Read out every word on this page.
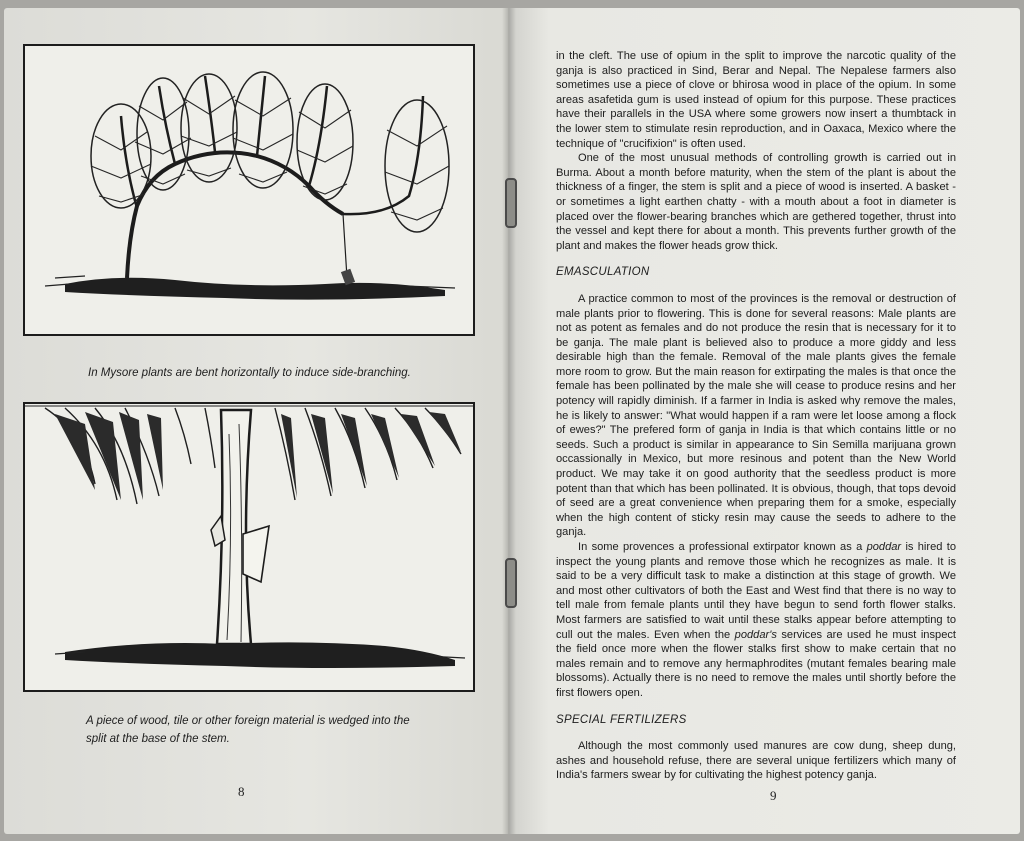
In Mysore plants are bent horizontally to induce side-branching.

A piece of wood, tile or other foreign material is wedged into the split at the base of the stem.

8

in the cleft. The use of opium in the split to improve the narcotic quality of the ganja is also practiced in Sind, Berar and Nepal. The Nepalese farmers also sometimes use a piece of clove or bhirosa wood in place of the opium. In some areas asafetida gum is used instead of opium for this purpose. These practices have their parallels in the USA where some growers now insert a thumbtack in the lower stem to stimulate resin reproduction, and in Oaxaca, Mexico where the technique of "crucifixion" is often used.

One of the most unusual methods of controlling growth is carried out in Burma. About a month before maturity, when the stem of the plant is about the thickness of a finger, the stem is split and a piece of wood is inserted. A basket - or sometimes a light earthen chatty - with a mouth about a foot in diameter is placed over the flower-bearing branches which are gethered together, thrust into the vessel and kept there for about a month. This prevents further growth of the plant and makes the flower heads grow thick.

EMASCULATION

A practice common to most of the provinces is the removal or destruction of male plants prior to flowering. This is done for several reasons: Male plants are not as potent as females and do not produce the resin that is necessary for it to be ganja. The male plant is believed also to produce a more giddy and less desirable high than the female. Removal of the male plants gives the female more room to grow. But the main reason for extirpating the males is that once the female has been pollinated by the male she will cease to produce resins and her potency will rapidly diminish. If a farmer in India is asked why remove the males, he is likely to answer: "What would happen if a ram were let loose among a flock of ewes?" The prefered form of ganja in India is that which contains little or no seeds. Such a product is similar in appearance to Sin Semilla marijuana grown occassionally in Mexico, but more resinous and potent than the New World product. We may take it on good authority that the seedless product is more potent than that which has been pollinated. It is obvious, though, that tops devoid of seed are a great convenience when preparing them for a smoke, especially when the high content of sticky resin may cause the seeds to adhere to the ganja.

In some provences a professional extirpator known as a poddar is hired to inspect the young plants and remove those which he recognizes as male. It is said to be a very difficult task to make a distinction at this stage of growth. We and most other cultivators of both the East and West find that there is no way to tell male from female plants until they have begun to send forth flower stalks. Most farmers are satisfied to wait until these stalks appear before attempting to cull out the males. Even when the poddar's services are used he must inspect the field once more when the flower stalks first show to make certain that no males remain and to remove any hermaphrodites (mutant females bearing male blossoms). Actually there is no need to remove the males until shortly before the first flowers open.

SPECIAL FERTILIZERS

Although the most commonly used manures are cow dung, sheep dung, ashes and household refuse, there are several unique fertilizers which many of India's farmers swear by for cultivating the highest potency ganja.

9
